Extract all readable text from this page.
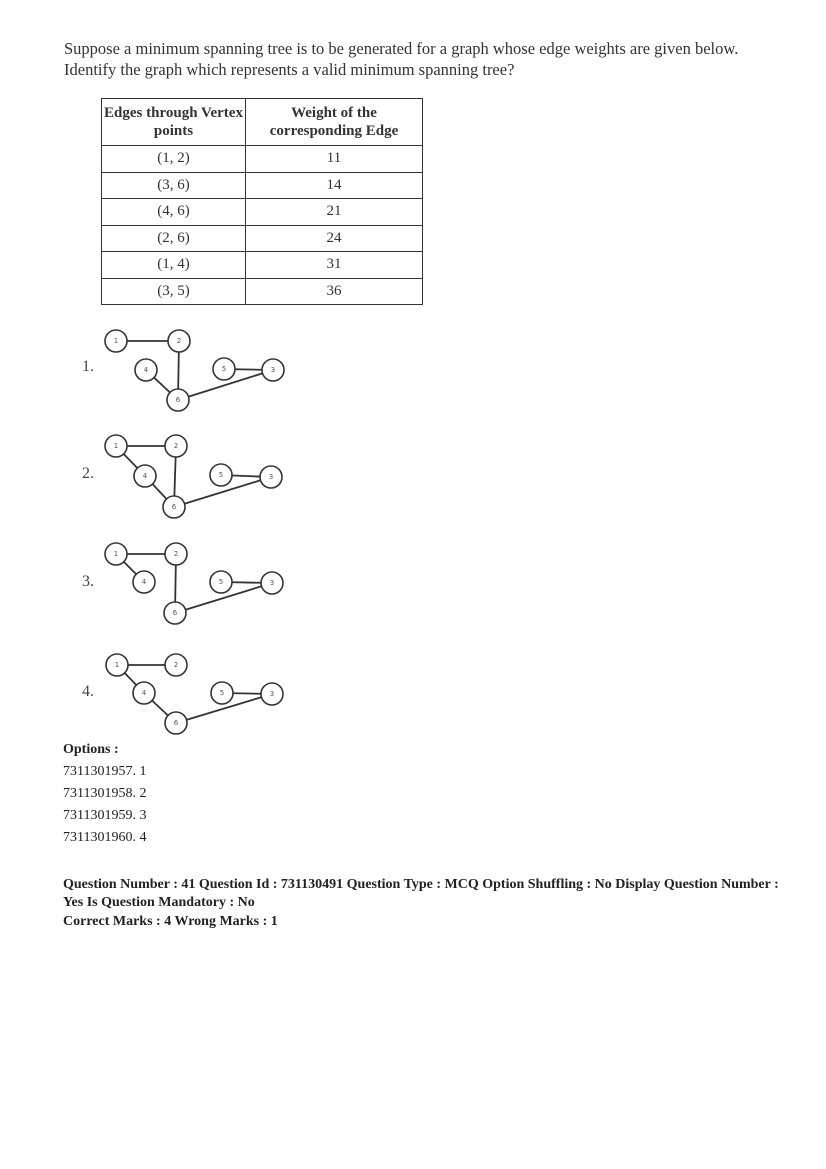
Suppose a minimum spanning tree is to be generated for a graph whose edge weights are given below. Identify the graph which represents a valid minimum spanning tree?
Edges through Vertex points	Weight of the corresponding Edge
(1, 2)	11
(3, 6)	14
(4, 6)	21
(2, 6)	24
(1, 4)	31
(3, 5)	36
1.
1	2
4
6
5	3
2.
1	2
4
6
5	3
3.
1	2
4
6
5	3
4.
1	2
4
6
5	3
Options :
7311301957. 1
7311301958. 2
7311301959. 3
7311301960. 4
Question Number : 41 Question Id : 731130491 Question Type : MCQ Option Shuffling : No Display Question Number : Yes Is Question Mandatory : No
Correct Marks : 4 Wrong Marks : 1
